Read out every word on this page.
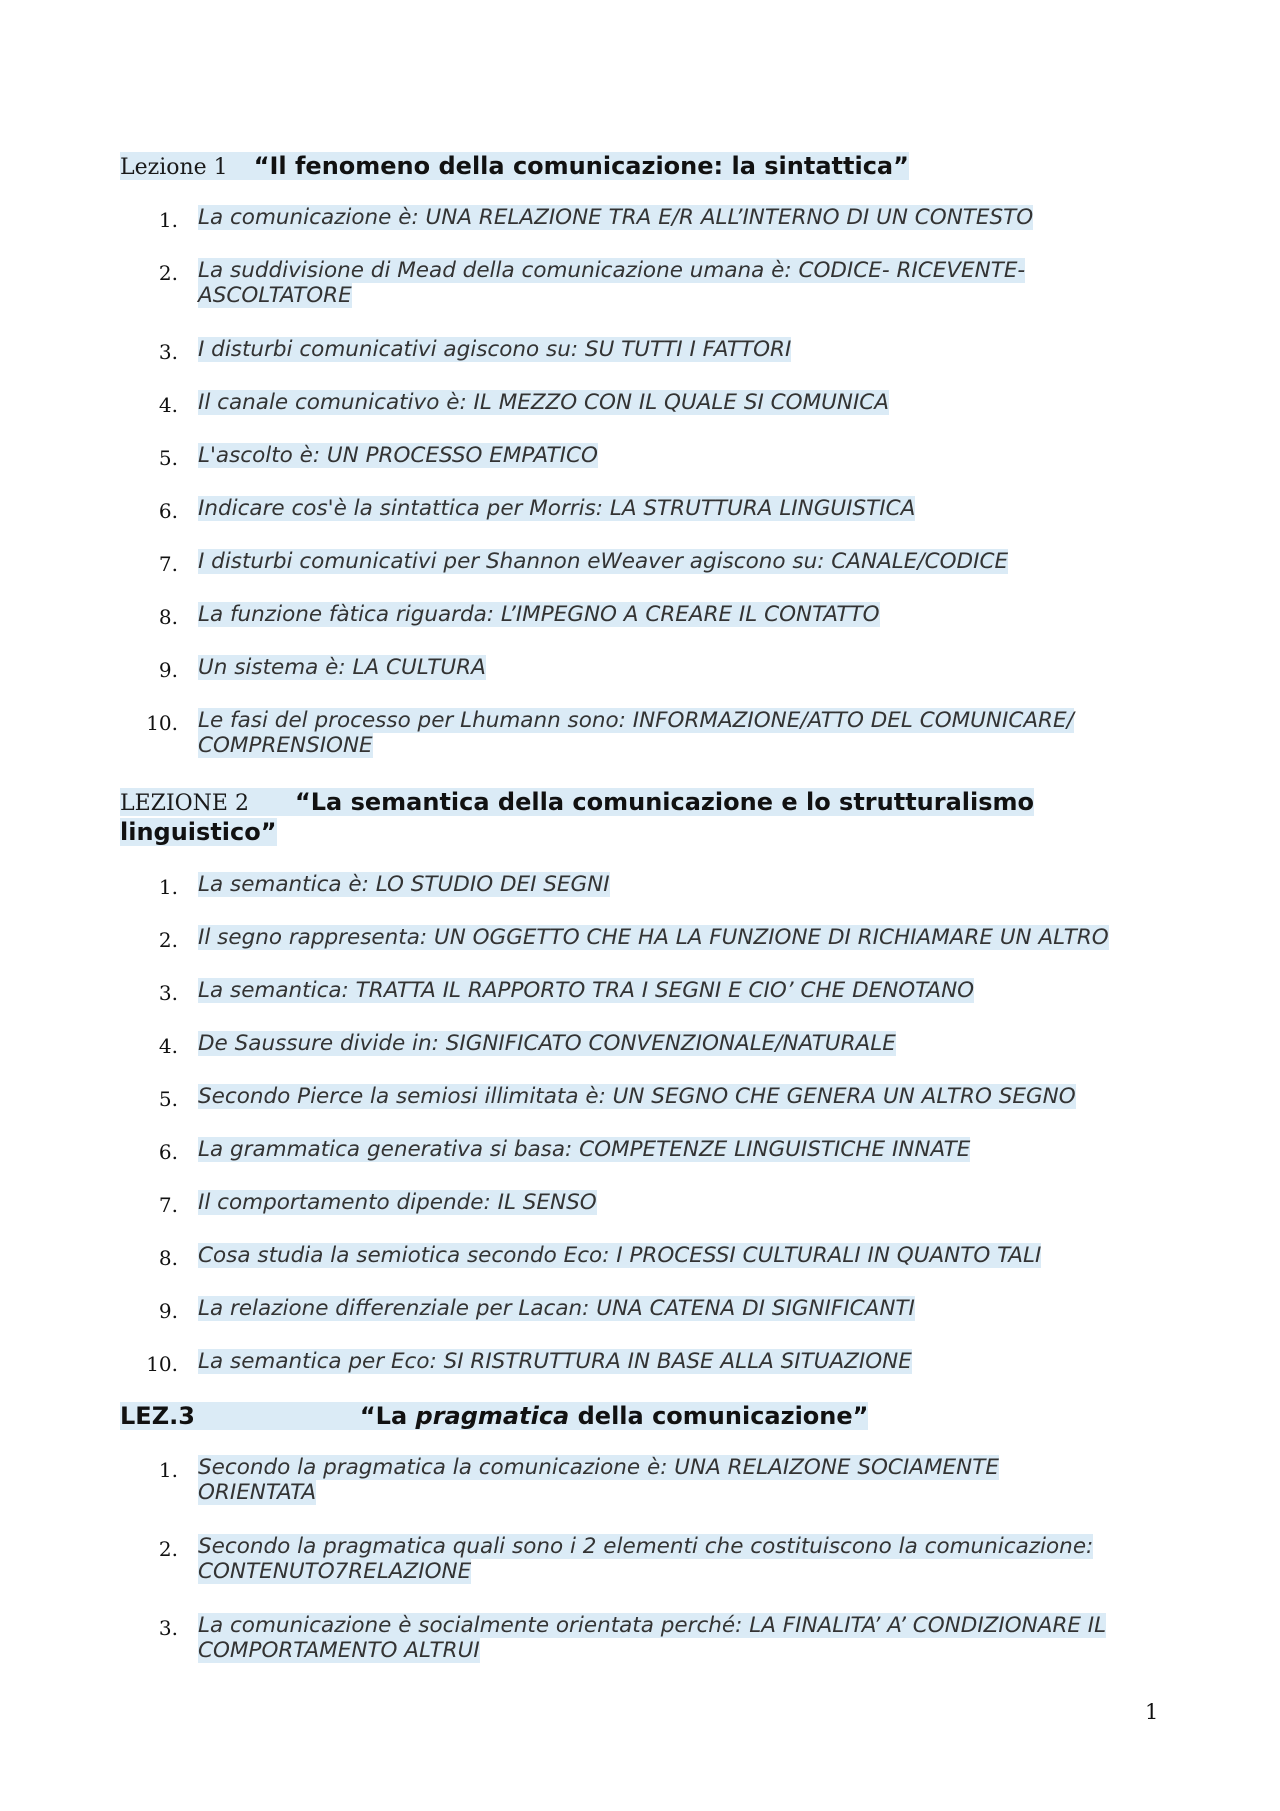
Lezione 1 “Il fenomeno della comunicazione: la sintattica”
1. La comunicazione è: UNA RELAZIONE TRA E/R ALL’INTERNO DI UN CONTESTO
2. La suddivisione di Mead della comunicazione umana è: CODICE- RICEVENTE-
ASCOLTATORE
3. I disturbi comunicativi agiscono su: SU TUTTI I FATTORI
4. Il canale comunicativo è: IL MEZZO CON IL QUALE SI COMUNICA
5. L'ascolto è: UN PROCESSO EMPATICO
6. Indicare cos'è la sintattica per Morris: LA STRUTTURA LINGUISTICA
7. I disturbi comunicativi per Shannon eWeaver agiscono su: CANALE/CODICE
8. La funzione fàtica riguarda: L’IMPEGNO A CREARE IL CONTATTO
9. Un sistema è: LA CULTURA
10. Le fasi del processo per Lhumann sono: INFORMAZIONE/ATTO DEL COMUNICARE/
COMPRENSIONE
LEZIONE 2 “La semantica della comunicazione e lo strutturalismo
linguistico”
1. La semantica è: LO STUDIO DEI SEGNI
2. Il segno rappresenta: UN OGGETTO CHE HA LA FUNZIONE DI RICHIAMARE UN ALTRO
3. La semantica: TRATTA IL RAPPORTO TRA I SEGNI E CIO’ CHE DENOTANO
4. De Saussure divide in: SIGNIFICATO CONVENZIONALE/NATURALE
5. Secondo Pierce la semiosi illimitata è: UN SEGNO CHE GENERA UN ALTRO SEGNO
6. La grammatica generativa si basa: COMPETENZE LINGUISTICHE INNATE
7. Il comportamento dipende: IL SENSO
8. Cosa studia la semiotica secondo Eco: I PROCESSI CULTURALI IN QUANTO TALI
9. La relazione differenziale per Lacan: UNA CATENA DI SIGNIFICANTI
10. La semantica per Eco: SI RISTRUTTURA IN BASE ALLA SITUAZIONE
LEZ.3	“La pragmatica della comunicazione”
1. Secondo la pragmatica la comunicazione è: UNA RELAIZONE SOCIAMENTE
ORIENTATA
2. Secondo la pragmatica quali sono i 2 elementi che costituiscono la comunicazione:
CONTENUTO7RELAZIONE
3. La comunicazione è socialmente orientata perché: LA FINALITA’ A’ CONDIZIONARE IL
COMPORTAMENTO ALTRUI
1
